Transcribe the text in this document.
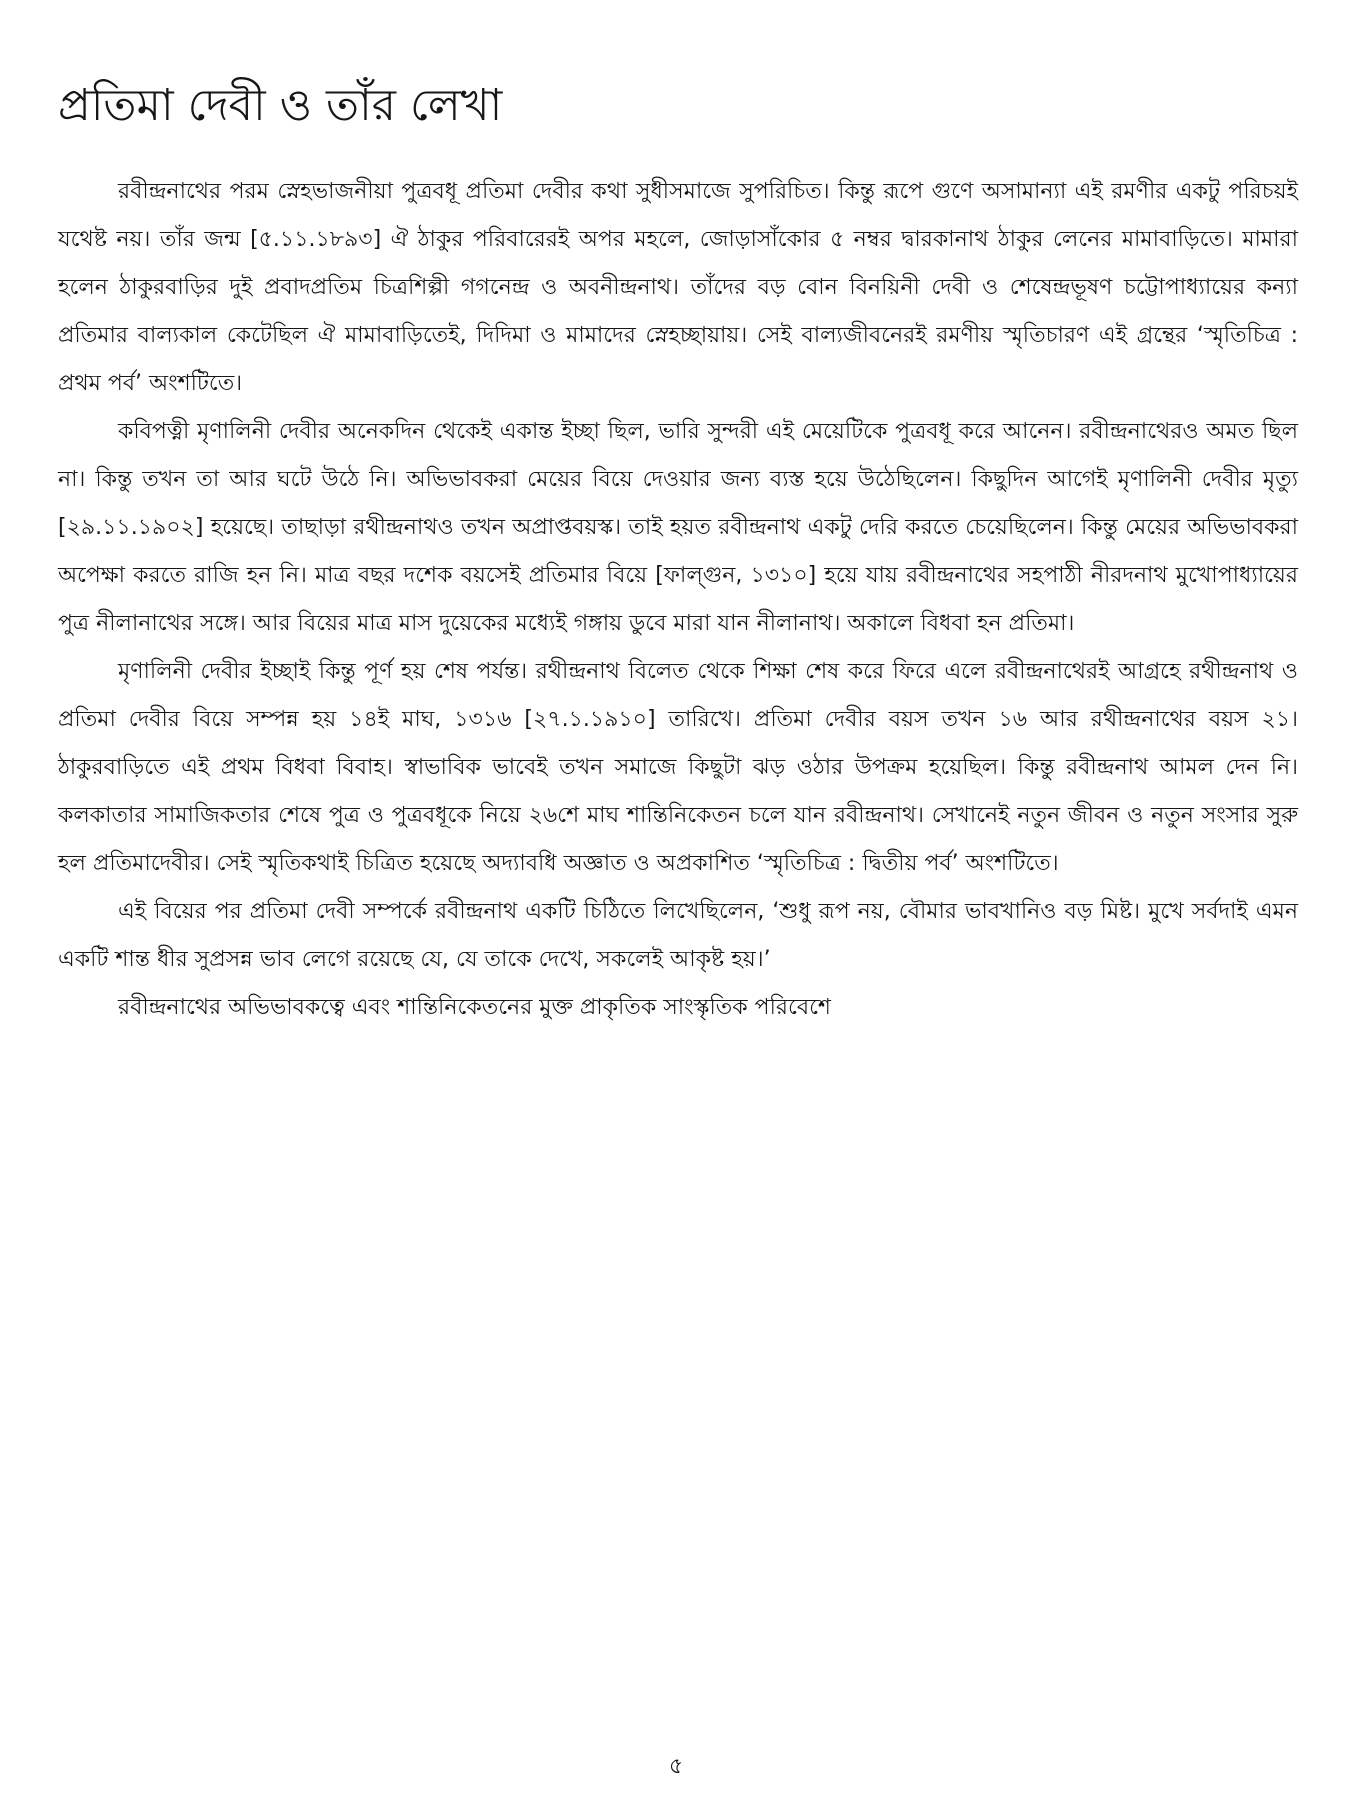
প্রতিমা দেবী ও তাঁর লেখা

রবীন্দ্রনাথের পরম স্নেহভাজনীয়া পুত্রবধূ প্রতিমা দেবীর কথা সুধীসমাজে সুপরিচিত। কিন্তু রূপে গুণে অসামান্যা এই রমণীর একটু পরিচয়ই যথেষ্ট নয়। তাঁর জন্ম [৫.১১.১৮৯৩] ঐ ঠাকুর পরিবারেরই অপর মহলে, জোড়াসাঁকোর ৫ নম্বর দ্বারকানাথ ঠাকুর লেনের মামাবাড়িতে। মামারা হলেন ঠাকুরবাড়ির দুই প্রবাদপ্রতিম চিত্রশিল্পী গগনেন্দ্র ও অবনীন্দ্রনাথ। তাঁদের বড় বোন বিনয়িনী দেবী ও শেষেন্দ্রভূষণ চট্টোপাধ্যায়ের কন্যা প্রতিমার বাল্যকাল কেটেছিল ঐ মামাবাড়িতেই, দিদিমা ও মামাদের স্নেহচ্ছায়ায়। সেই বাল্যজীবনেরই রমণীয় স্মৃতিচারণ এই গ্রন্থের ‘স্মৃতিচিত্র : প্রথম পর্ব’ অংশটিতে।

কবিপত্নী মৃণালিনী দেবীর অনেকদিন থেকেই একান্ত ইচ্ছা ছিল, ভারি সুন্দরী এই মেয়েটিকে পুত্রবধূ করে আনেন। রবীন্দ্রনাথেরও অমত ছিল না। কিন্তু তখন তা আর ঘটে উঠে নি। অভিভাবকরা মেয়ের বিয়ে দেওয়ার জন্য ব্যস্ত হয়ে উঠেছিলেন। কিছুদিন আগেই মৃণালিনী দেবীর মৃত্যু [২৯.১১.১৯০২] হয়েছে। তাছাড়া রথীন্দ্রনাথও তখন অপ্রাপ্তবয়স্ক। তাই হয়ত রবীন্দ্রনাথ একটু দেরি করতে চেয়েছিলেন। কিন্তু মেয়ের অভিভাবকরা অপেক্ষা করতে রাজি হন নি। মাত্র বছর দশেক বয়সেই প্রতিমার বিয়ে [ফাল্গুন, ১৩১০] হয়ে যায় রবীন্দ্রনাথের সহপাঠী নীরদনাথ মুখোপাধ্যায়ের পুত্র নীলানাথের সঙ্গে। আর বিয়ের মাত্র মাস দুয়েকের মধ্যেই গঙ্গায় ডুবে মারা যান নীলানাথ। অকালে বিধবা হন প্রতিমা।

মৃণালিনী দেবীর ইচ্ছাই কিন্তু পূর্ণ হয় শেষ পর্যন্ত। রথীন্দ্রনাথ বিলেত থেকে শিক্ষা শেষ করে ফিরে এলে রবীন্দ্রনাথেরই আগ্রহে রথীন্দ্রনাথ ও প্রতিমা দেবীর বিয়ে সম্পন্ন হয় ১৪ই মাঘ, ১৩১৬ [২৭.১.১৯১০] তারিখে। প্রতিমা দেবীর বয়স তখন ১৬ আর রথীন্দ্রনাথের বয়স ২১। ঠাকুরবাড়িতে এই প্রথম বিধবা বিবাহ। স্বাভাবিক ভাবেই তখন সমাজে কিছুটা ঝড় ওঠার উপক্রম হয়েছিল। কিন্তু রবীন্দ্রনাথ আমল দেন নি। কলকাতার সামাজিকতার শেষে পুত্র ও পুত্রবধূকে নিয়ে ২৬শে মাঘ শান্তিনিকেতন চলে যান রবীন্দ্রনাথ। সেখানেই নতুন জীবন ও নতুন সংসার সুরু হল প্রতিমাদেবীর। সেই স্মৃতিকথাই চিত্রিত হয়েছে অদ্যাবধি অজ্ঞাত ও অপ্রকাশিত ‘স্মৃতিচিত্র : দ্বিতীয় পর্ব’ অংশটিতে।

এই বিয়ের পর প্রতিমা দেবী সম্পর্কে রবীন্দ্রনাথ একটি চিঠিতে লিখেছিলেন, ‘শুধু রূপ নয়, বৌমার ভাবখানিও বড় মিষ্ট। মুখে সর্বদাই এমন একটি শান্ত ধীর সুপ্রসন্ন ভাব লেগে রয়েছে যে, যে তাকে দেখে, সকলেই আকৃষ্ট হয়।’

রবীন্দ্রনাথের অভিভাবকত্বে এবং শান্তিনিকেতনের মুক্ত প্রাকৃতিক সাংস্কৃতিক পরিবেশে

৫
